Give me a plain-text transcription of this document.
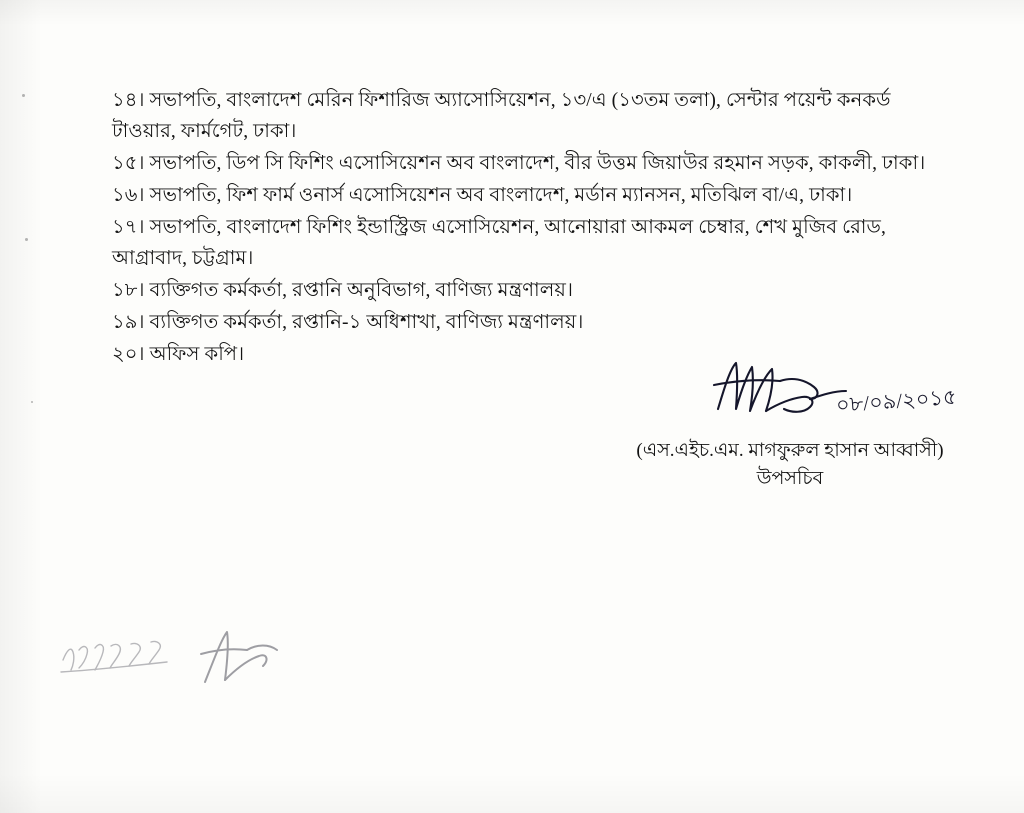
১৪। সভাপতি, বাংলাদেশ মেরিন ফিশারিজ অ্যাসোসিয়েশন, ১৩/এ (১৩তম তলা), সেন্টার পয়েন্ট কনকর্ড টাওয়ার, ফার্মগেট, ঢাকা।

১৫। সভাপতি, ডিপ সি ফিশিং এসোসিয়েশন অব বাংলাদেশ, বীর উত্তম জিয়াউর রহমান সড়ক, কাকলী, ঢাকা।

১৬। সভাপতি, ফিশ ফার্ম ওনার্স এসোসিয়েশন অব বাংলাদেশ, মর্ডান ম্যানসন, মতিঝিল বা/এ, ঢাকা।

১৭। সভাপতি, বাংলাদেশ ফিশিং ইন্ডাস্ট্রিজ এসোসিয়েশন, আনোয়ারা আকমল চেম্বার, শেখ মুজিব রোড, আগ্রাবাদ, চট্টগ্রাম।

১৮। ব্যক্তিগত কর্মকর্তা, রপ্তানি অনুবিভাগ, বাণিজ্য মন্ত্রণালয়।

১৯। ব্যক্তিগত কর্মকর্তা, রপ্তানি-১ অধিশাখা, বাণিজ্য মন্ত্রণালয়।

২০। অফিস কপি।

০৮/০৯/২০১৫
(এস.এইচ.এম. মাগফুরুল হাসান আব্বাসী)
উপসচিব
